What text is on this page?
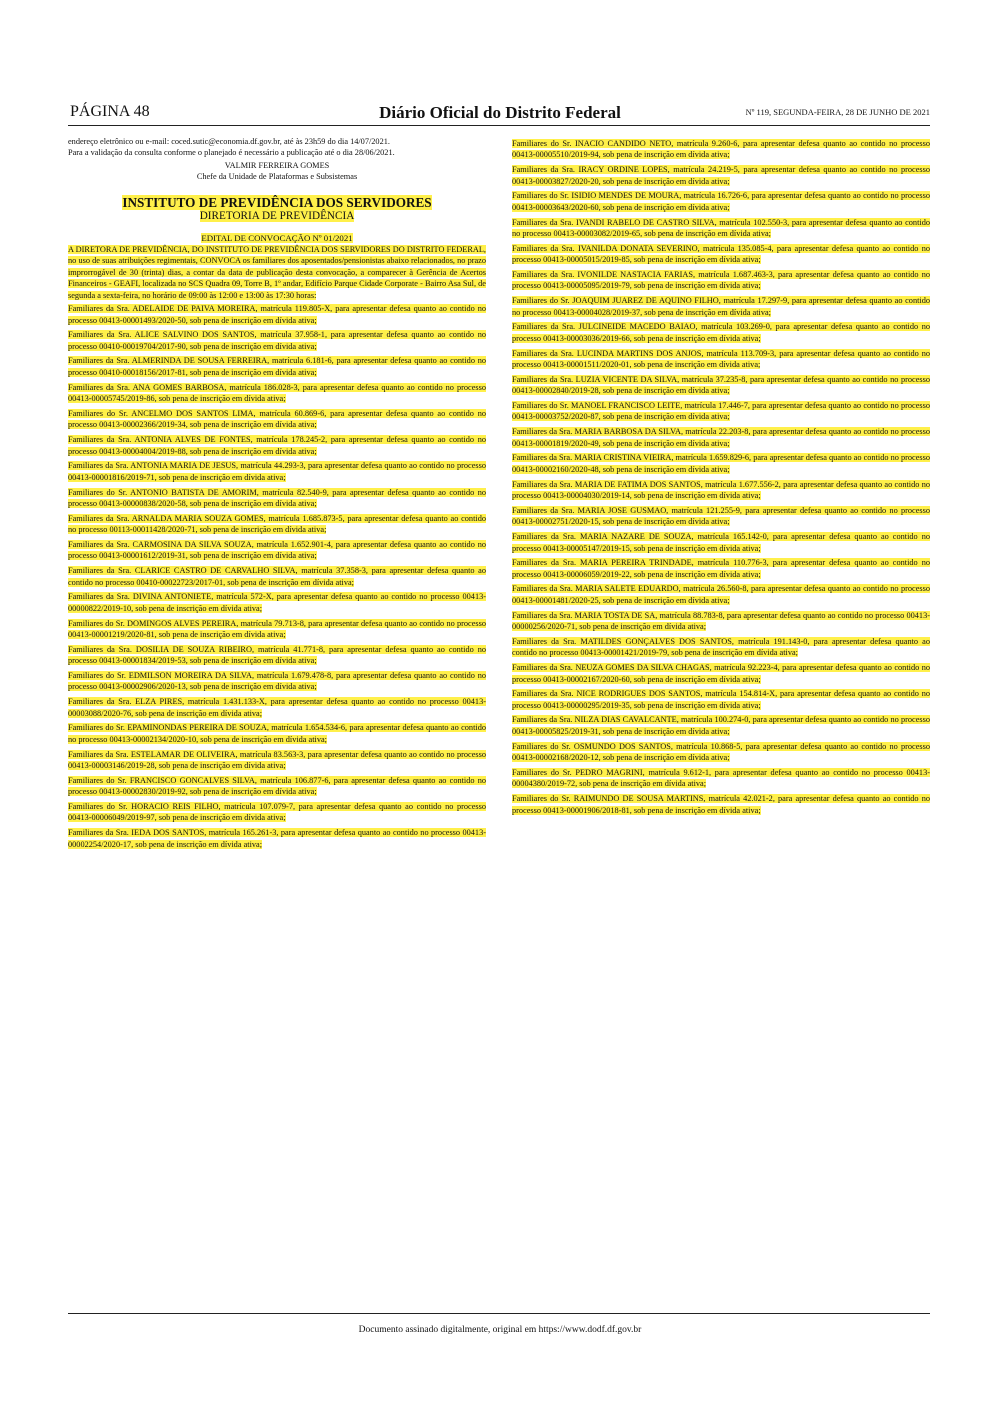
PÁGINA 48	Diário Oficial do Distrito Federal	Nº 119, SEGUNDA-FEIRA, 28 DE JUNHO DE 2021

endereço eletrônico ou e-mail: coced.sutic@economia.df.gov.br, até às 23h59 do dia 14/07/2021.

Para a validação da consulta conforme o planejado é necessário a publicação até o dia 28/06/2021.

VALMIR FERREIRA GOMES

Chefe da Unidade de Plataformas e Subsistemas

INSTITUTO DE PREVIDÊNCIA DOS SERVIDORES
DIRETORIA DE PREVIDÊNCIA
EDITAL DE CONVOCAÇÃO Nº 01/2021

A DIRETORA DE PREVIDÊNCIA, DO INSTITUTO DE PREVIDÊNCIA DOS SERVIDORES DO DISTRITO FEDERAL, no uso de suas atribuições regimentais, CONVOCA os familiares dos aposentados/pensionistas abaixo relacionados, no prazo improrrogável de 30 (trinta) dias, a contar da data de publicação desta convocação, a comparecer à Gerência de Acertos Financeiros - GEAFI, localizada no SCS Quadra 09, Torre B, 1º andar, Edifício Parque Cidade Corporate - Bairro Asa Sul, de segunda a sexta-feira, no horário de 09:00 às 12:00 e 13:00 às 17:30 horas:

Familiares da Sra. ADELAIDE DE PAIVA MOREIRA, matrícula 119.805-X, para apresentar defesa quanto ao contido no processo 00413-00001493/2020-50, sob pena de inscrição em dívida ativa;

Familiares da Sra. ALICE SALVINO DOS SANTOS, matrícula 37.958-1, para apresentar defesa quanto ao contido no processo 00410-00019704/2017-90, sob pena de inscrição em dívida ativa;

Familiares da Sra. ALMERINDA DE SOUSA FERREIRA, matrícula 6.181-6, para apresentar defesa quanto ao contido no processo 00410-00018156/2017-81, sob pena de inscrição em dívida ativa;

Familiares da Sra. ANA GOMES BARBOSA, matrícula 186.028-3, para apresentar defesa quanto ao contido no processo 00413-00005745/2019-86, sob pena de inscrição em dívida ativa;

Familiares do Sr. ANCELMO DOS SANTOS LIMA, matrícula 60.869-6, para apresentar defesa quanto ao contido no processo 00413-00002366/2019-34, sob pena de inscrição em dívida ativa;

Familiares da Sra. ANTONIA ALVES DE FONTES, matrícula 178.245-2, para apresentar defesa quanto ao contido no processo 00413-00004004/2019-88, sob pena de inscrição em dívida ativa;

Familiares da Sra. ANTONIA MARIA DE JESUS, matrícula 44.293-3, para apresentar defesa quanto ao contido no processo 00413-00001816/2019-71, sob pena de inscrição em dívida ativa;

Familiares do Sr. ANTONIO BATISTA DE AMORIM, matrícula 82.540-9, para apresentar defesa quanto ao contido no processo 00413-00000838/2020-58, sob pena de inscrição em dívida ativa;

Familiares da Sra. ARNALDA MARIA SOUZA GOMES, matrícula 1.685.873-5, para apresentar defesa quanto ao contido no processo 00113-00011428/2020-71, sob pena de inscrição em dívida ativa;

Familiares da Sra. CARMOSINA DA SILVA SOUZA, matrícula 1.652.901-4, para apresentar defesa quanto ao contido no processo 00413-00001612/2019-31, sob pena de inscrição em dívida ativa;

Familiares da Sra. CLARICE CASTRO DE CARVALHO SILVA, matrícula 37.358-3, para apresentar defesa quanto ao contido no processo 00410-00022723/2017-01, sob pena de inscrição em dívida ativa;

Familiares da Sra. DIVINA ANTONIETE, matrícula 572-X, para apresentar defesa quanto ao contido no processo 00413-00000822/2019-10, sob pena de inscrição em dívida ativa;

Familiares do Sr. DOMINGOS ALVES PEREIRA, matrícula 79.713-8, para apresentar defesa quanto ao contido no processo 00413-00001219/2020-81, sob pena de inscrição em dívida ativa;

Familiares da Sra. DOSILIA DE SOUZA RIBEIRO, matrícula 41.771-8, para apresentar defesa quanto ao contido no processo 00413-00001834/2019-53, sob pena de inscrição em dívida ativa;

Familiares do Sr. EDMILSON MOREIRA DA SILVA, matrícula 1.679.478-8, para apresentar defesa quanto ao contido no processo 00413-00002906/2020-13, sob pena de inscrição em dívida ativa;

Familiares da Sra. ELZA PIRES, matrícula 1.431.133-X, para apresentar defesa quanto ao contido no processo 00413-00003088/2020-76, sob pena de inscrição em dívida ativa;

Familiares do Sr. EPAMINONDAS PEREIRA DE SOUZA, matrícula 1.654.534-6, para apresentar defesa quanto ao contido no processo 00413-00002134/2020-10, sob pena de inscrição em dívida ativa;

Familiares da Sra. ESTELAMAR DE OLIVEIRA, matrícula 83.563-3, para apresentar defesa quanto ao contido no processo 00413-00003146/2019-28, sob pena de inscrição em dívida ativa;

Familiares do Sr. FRANCISCO GONCALVES SILVA, matrícula 106.877-6, para apresentar defesa quanto ao contido no processo 00413-00002830/2019-92, sob pena de inscrição em dívida ativa;

Familiares do Sr. HORACIO REIS FILHO, matrícula 107.079-7, para apresentar defesa quanto ao contido no processo 00413-00006049/2019-97, sob pena de inscrição em dívida ativa;

Familiares da Sra. IEDA DOS SANTOS, matrícula 165.261-3, para apresentar defesa quanto ao contido no processo 00413-00002254/2020-17, sob pena de inscrição em dívida ativa;

Familiares do Sr. INACIO CANDIDO NETO, matrícula 9.260-6, para apresentar defesa quanto ao contido no processo 00413-00005510/2019-94, sob pena de inscrição em dívida ativa;

Familiares da Sra. IRACY ORDINE LOPES, matrícula 24.219-5, para apresentar defesa quanto ao contido no processo 00413-00003827/2020-20, sob pena de inscrição em dívida ativa;

Familiares do Sr. ISIDIO MENDES DE MOURA, matrícula 16.726-6, para apresentar defesa quanto ao contido no processo 00413-00003643/2020-60, sob pena de inscrição em dívida ativa;

Familiares da Sra. IVANDI RABELO DE CASTRO SILVA, matrícula 102.550-3, para apresentar defesa quanto ao contido no processo 00413-00003082/2019-65, sob pena de inscrição em dívida ativa;

Familiares da Sra. IVANILDA DONATA SEVERINO, matrícula 135.085-4, para apresentar defesa quanto ao contido no processo 00413-00005015/2019-85, sob pena de inscrição em dívida ativa;

Familiares da Sra. IVONILDE NASTACIA FARIAS, matrícula 1.687.463-3, para apresentar defesa quanto ao contido no processo 00413-00005095/2019-79, sob pena de inscrição em dívida ativa;

Familiares do Sr. JOAQUIM JUAREZ DE AQUINO FILHO, matrícula 17.297-9, para apresentar defesa quanto ao contido no processo 00413-00004028/2019-37, sob pena de inscrição em dívida ativa;

Familiares da Sra. JULCINEIDE MACEDO BAIAO, matrícula 103.269-0, para apresentar defesa quanto ao contido no processo 00413-00003036/2019-66, sob pena de inscrição em dívida ativa;

Familiares da Sra. LUCINDA MARTINS DOS ANJOS, matrícula 113.709-3, para apresentar defesa quanto ao contido no processo 00413-00001511/2020-01, sob pena de inscrição em dívida ativa;

Familiares da Sra. LUZIA VICENTE DA SILVA, matrícula 37.235-8, para apresentar defesa quanto ao contido no processo 00413-00002840/2019-28, sob pena de inscrição em dívida ativa;

Familiares do Sr. MANOEL FRANCISCO LEITE, matrícula 17.446-7, para apresentar defesa quanto ao contido no processo 00413-00003752/2020-87, sob pena de inscrição em dívida ativa;

Familiares da Sra. MARIA BARBOSA DA SILVA, matrícula 22.203-8, para apresentar defesa quanto ao contido no processo 00413-00001819/2020-49, sob pena de inscrição em dívida ativa;

Familiares da Sra. MARIA CRISTINA VIEIRA, matrícula 1.659.829-6, para apresentar defesa quanto ao contido no processo 00413-00002160/2020-48, sob pena de inscrição em dívida ativa;

Familiares da Sra. MARIA DE FATIMA DOS SANTOS, matrícula 1.677.556-2, para apresentar defesa quanto ao contido no processo 00413-00004030/2019-14, sob pena de inscrição em dívida ativa;

Familiares da Sra. MARIA JOSE GUSMAO, matrícula 121.255-9, para apresentar defesa quanto ao contido no processo 00413-00002751/2020-15, sob pena de inscrição em dívida ativa;

Familiares da Sra. MARIA NAZARE DE SOUZA, matrícula 165.142-0, para apresentar defesa quanto ao contido no processo 00413-00005147/2019-15, sob pena de inscrição em dívida ativa;

Familiares da Sra. MARIA PEREIRA TRINDADE, matrícula 110.776-3, para apresentar defesa quanto ao contido no processo 00413-00006059/2019-22, sob pena de inscrição em dívida ativa;

Familiares da Sra. MARIA SALETE EDUARDO, matrícula 26.560-8, para apresentar defesa quanto ao contido no processo 00413-00001481/2020-25, sob pena de inscrição em dívida ativa;

Familiares da Sra. MARIA TOSTA DE SA, matrícula 88.783-8, para apresentar defesa quanto ao contido no processo 00413-00000256/2020-71, sob pena de inscrição em dívida ativa;

Familiares da Sra. MATILDES GONÇALVES DOS SANTOS, matrícula 191.143-0, para apresentar defesa quanto ao contido no processo 00413-00001421/2019-79, sob pena de inscrição em dívida ativa;

Familiares da Sra. NEUZA GOMES DA SILVA CHAGAS, matrícula 92.223-4, para apresentar defesa quanto ao contido no processo 00413-00002167/2020-60, sob pena de inscrição em dívida ativa;

Familiares da Sra. NICE RODRIGUES DOS SANTOS, matrícula 154.814-X, para apresentar defesa quanto ao contido no processo 00413-00000295/2019-35, sob pena de inscrição em dívida ativa;

Familiares da Sra. NILZA DIAS CAVALCANTE, matrícula 100.274-0, para apresentar defesa quanto ao contido no processo 00413-00005825/2019-31, sob pena de inscrição em dívida ativa;

Familiares do Sr. OSMUNDO DOS SANTOS, matrícula 10.868-5, para apresentar defesa quanto ao contido no processo 00413-00002168/2020-12, sob pena de inscrição em dívida ativa;

Familiares do Sr. PEDRO MAGRINI, matrícula 9.612-1, para apresentar defesa quanto ao contido no processo 00413-00004380/2019-72, sob pena de inscrição em dívida ativa;

Familiares do Sr. RAIMUNDO DE SOUSA MARTINS, matrícula 42.021-2, para apresentar defesa quanto ao contido no processo 00413-00001906/2018-81, sob pena de inscrição em dívida ativa;

Documento assinado digitalmente, original em https://www.dodf.df.gov.br
